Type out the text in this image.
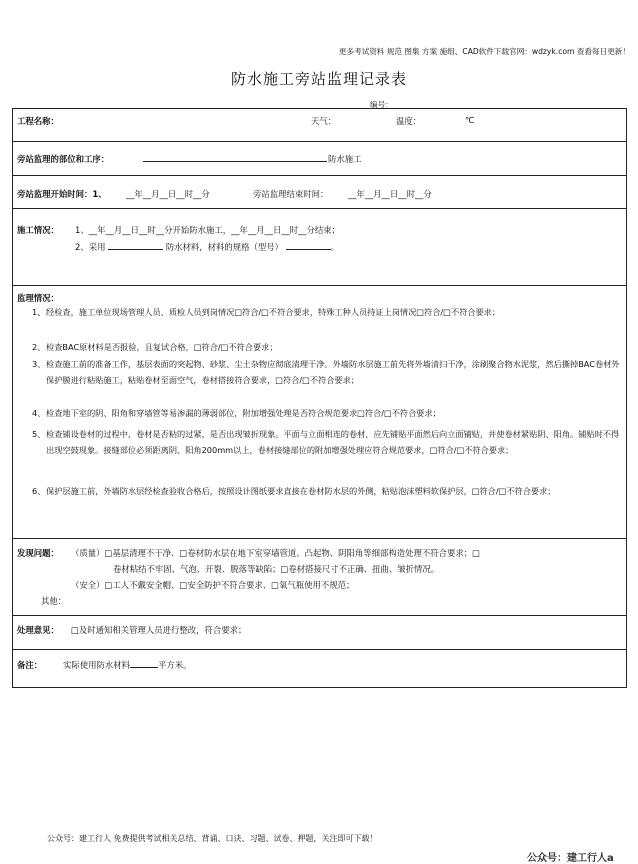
更多考试资料 规范 图集 方案 施组、CAD软件下载官网：wdzyk.com 查看每日更新！
防水施工旁站监理记录表
编号：
工程名称：	天气：	温度：	℃
旁站监理的部位和工序：	防水施工
旁站监理开始时间：1、 __年__月__日__时__分	旁站监理结束时间： __年__月__日__时__分
施工情况： 1、__年__月__日__时__分开始防水施工，__年__月__日__时__分结束；
2、采用	防水材料，材料的规格（型号）	。
监理情况：
1、 经检查，施工单位现场管理人员、质检人员到岗情况□符合/□不符合要求，特殊工种人员持证上岗情况□符合/□不符合要求；
2、 检查BAC原材料是否报验，且复试合格，□符合/□不符合要求；
3、 检查施工前的准备工作，基层表面的突起物、砂浆、尘土杂物应彻底清理干净。外墙防水层施工前先将外墙清扫干净，涂刷聚合物水泥浆，然后撕掉BAC卷材外保护膜进行粘贴施工，粘贴卷材至面空气，卷材搭接符合要求，□符合/□不符合要求；
4、 检查地下室的阴、阳角和穿墙管等易渗漏的薄弱部位，附加增强处理是否符合规范要求□符合/□不符合要求；
5、 检查铺设卷材的过程中，卷材是否粘的过紧，是否出现皱折现象。平面与立面相连的卷材，应先铺贴平面然后向立面铺贴，并使卷材紧贴阴、阳角。铺贴时不得出现空鼓现象。接缝部位必须距离阴、阳角200mm以上，卷材接缝部位的附加增强处理应符合规范要求，□符合/□不符合要求；
6、 保护层施工前，外墙防水层经检查验收合格后，按照设计图纸要求直接在卷材防水层的外侧，粘贴泡沫塑料软保护层，□符合/□不符合要求；
发现问题： （质量）□基层清理不干净、□卷材防水层在地下室穿墙管道、凸起物、阴阳角等细部构造处理不符合要求；□
卷材粘结不牢固、气泡、开裂、脱落等缺陷；□卷材搭接尺寸不正确、扭曲、皱折情况。
（安全）□工人不戴安全帽、□安全防护不符合要求、□氧气瓶使用不规范；
其他：
处理意见： □及时通知相关管理人员进行整改，符合要求；
备注： 实际使用防水材料	平方米。
公众号：建工行人 免费提供考试相关总结、背诵、口诀、习题、试卷、押题，关注即可下载！
公众号：建工行人a
